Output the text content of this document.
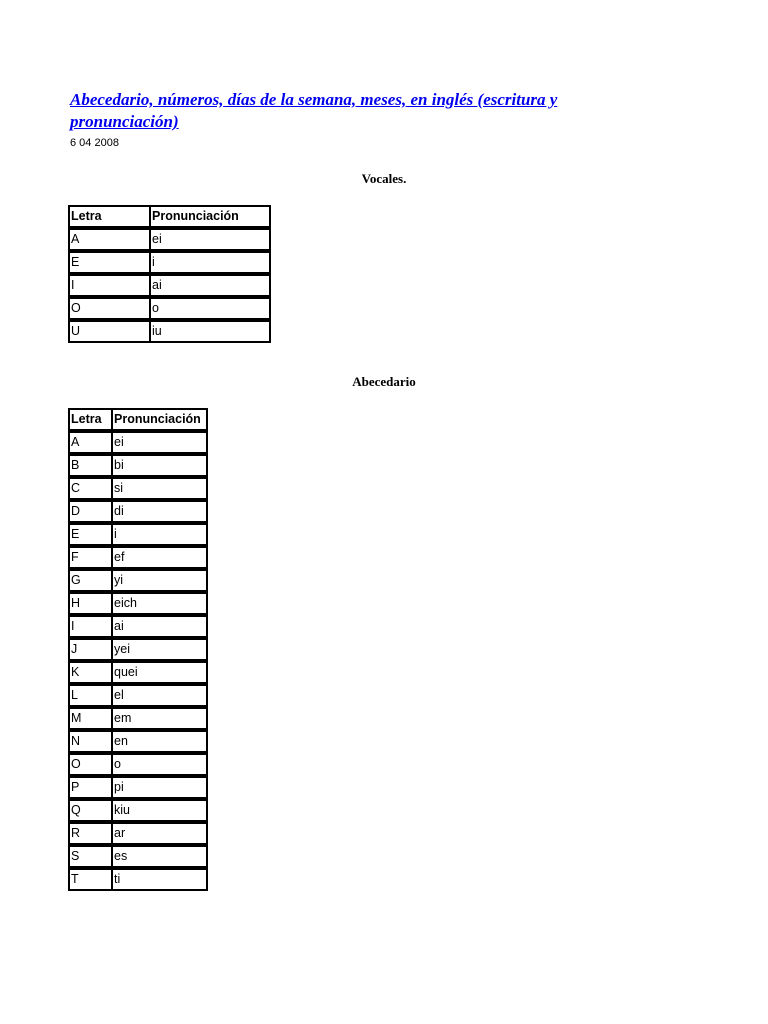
Abecedario, números, días de la semana, meses, en inglés (escritura y pronunciación)
6 04 2008
Vocales.
Letra	Pronunciación
A	ei
E	i
I	ai
O	o
U	iu
Abecedario
Letra	Pronunciación
A	ei
B	bi
C	si
D	di
E	i
F	ef
G	yi
H	eich
I	ai
J	yei
K	quei
L	el
M	em
N	en
O	o
P	pi
Q	kiu
R	ar
S	es
T	ti
